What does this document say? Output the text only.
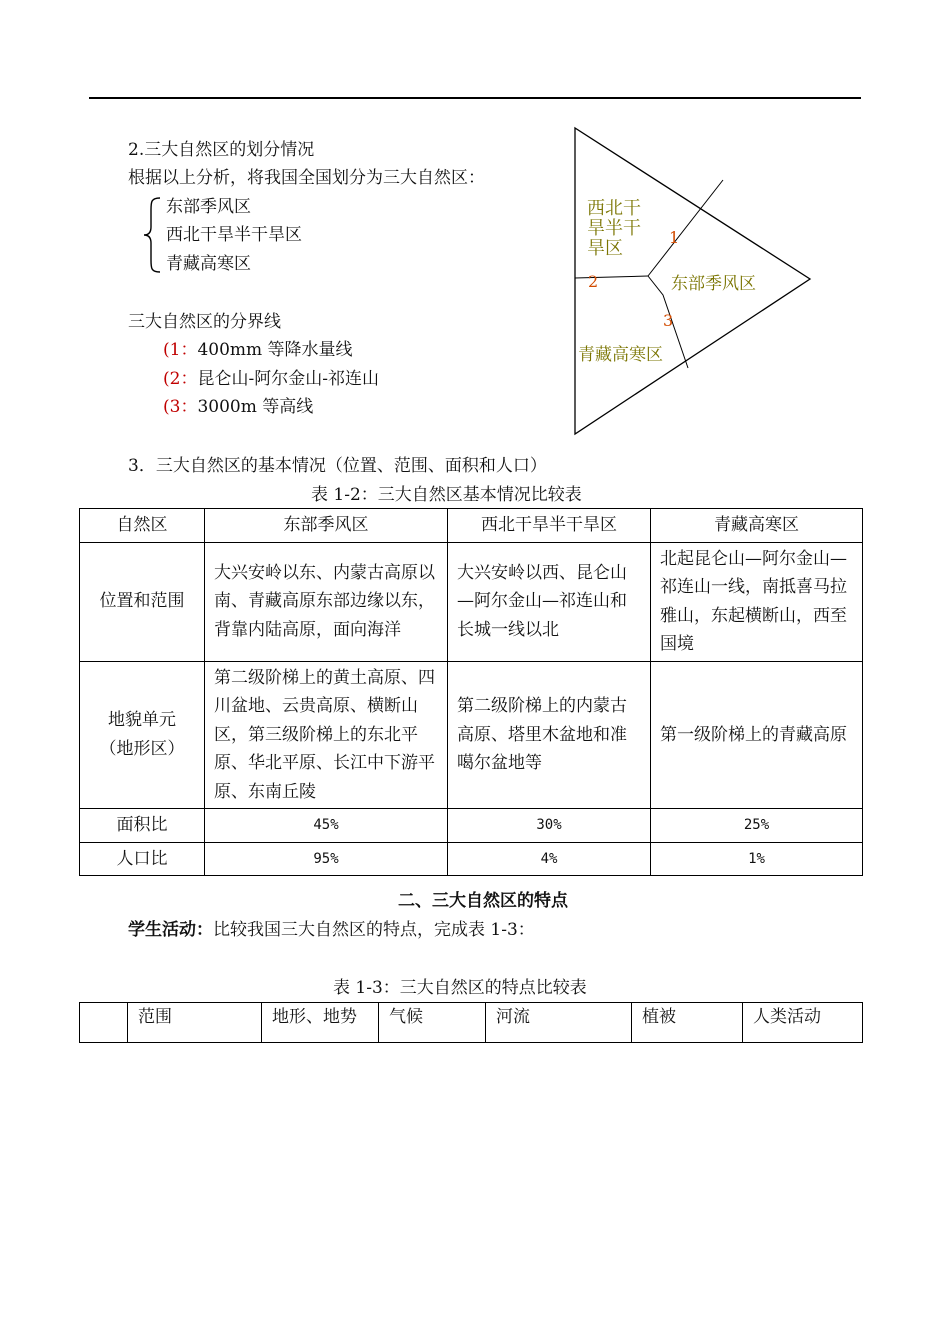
2.三大自然区的划分情况
根据以上分析，将我国全国划分为三大自然区：
东部季风区
西北干旱半干旱区
青藏高寒区
三大自然区的分界线
(1：400mm 等降水量线
(2：昆仑山-阿尔金山-祁连山
(3：3000m 等高线
西北干
旱半干
旱区
东部季风区
青藏高寒区
1
2
3
3．三大自然区的基本情况（位置、范围、面积和人口）
表 1-2：三大自然区基本情况比较表
自然区	东部季风区	西北干旱半干旱区	青藏高寒区
位置和范围	大兴安岭以东、内蒙古高原以南、青藏高原东部边缘以东，背靠内陆高原，面向海洋	大兴安岭以西、昆仑山—阿尔金山—祁连山和长城一线以北	北起昆仑山—阿尔金山—祁连山一线，南抵喜马拉雅山，东起横断山，西至国境
地貌单元（地形区）	第二级阶梯上的黄土高原、四川盆地、云贵高原、横断山区，第三级阶梯上的东北平原、华北平原、长江中下游平原、东南丘陵	第二级阶梯上的内蒙古高原、塔里木盆地和准噶尔盆地等	第一级阶梯上的青藏高原
面积比	45%	30%	25%
人口比	95%	4%	1%
二、三大自然区的特点
学生活动：比较我国三大自然区的特点，完成表 1-3：
表 1-3：三大自然区的特点比较表
	范围	地形、地势	气候	河流	植被	人类活动
